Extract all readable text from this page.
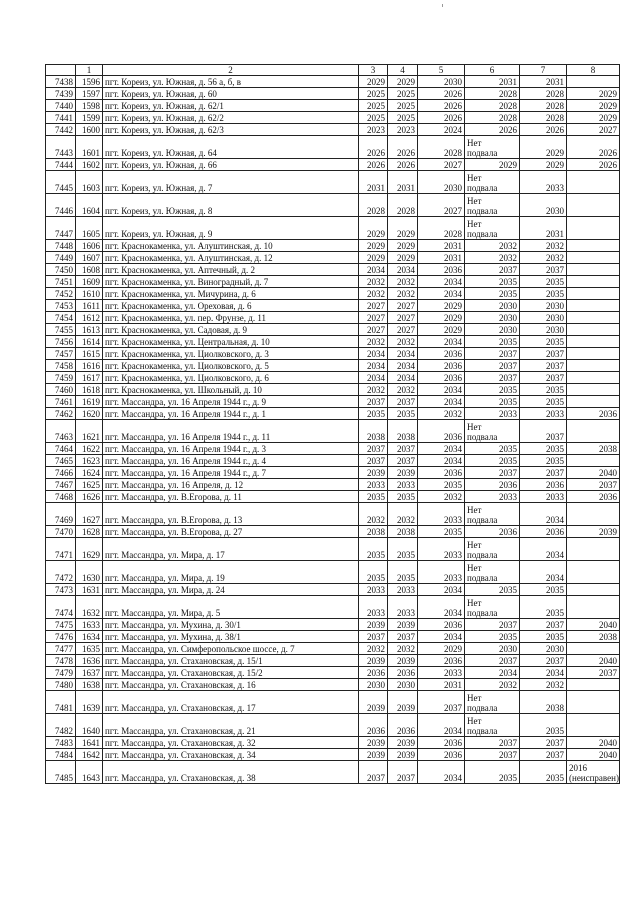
	1	2	3	4	5	6	7	8
7438	1596	пгт. Кореиз, ул. Южная, д. 56 а, б, в	2029	2029	2030	2031	2031	
7439	1597	пгт. Кореиз, ул. Южная, д. 60	2025	2025	2026	2028	2028	2029
7440	1598	пгт. Кореиз, ул. Южная, д. 62/1	2025	2025	2026	2028	2028	2029
7441	1599	пгт. Кореиз, ул. Южная, д. 62/2	2025	2025	2026	2028	2028	2029
7442	1600	пгт. Кореиз, ул. Южная, д. 62/3	2023	2023	2024	2026	2026	2027
7443	1601	пгт. Кореиз, ул. Южная, д. 64	2026	2026	2028	Нет
подвала	2029	2026
7444	1602	пгт. Кореиз, ул. Южная, д. 66	2026	2026	2027	2029	2029	2026
7445	1603	пгт. Кореиз, ул. Южная, д. 7	2031	2031	2030	Нет
подвала	2033	
7446	1604	пгт. Кореиз, ул. Южная, д. 8	2028	2028	2027	Нет
подвала	2030	
7447	1605	пгт. Кореиз, ул. Южная, д. 9	2029	2029	2028	Нет
подвала	2031	
7448	1606	пгт. Краснокаменка, ул. Алуштинская, д. 10	2029	2029	2031	2032	2032	
7449	1607	пгт. Краснокаменка, ул. Алуштинская, д. 12	2029	2029	2031	2032	2032	
7450	1608	пгт. Краснокаменка, ул. Аптечный, д. 2	2034	2034	2036	2037	2037	
7451	1609	пгт. Краснокаменка, ул. Виноградный, д. 7	2032	2032	2034	2035	2035	
7452	1610	пгт. Краснокаменка, ул. Мичурина, д. 6	2032	2032	2034	2035	2035	
7453	1611	пгт. Краснокаменка, ул. Ореховая, д. 6	2027	2027	2029	2030	2030	
7454	1612	пгт. Краснокаменка, ул. пер. Фрунзе, д. 11	2027	2027	2029	2030	2030	
7455	1613	пгт. Краснокаменка, ул. Садовая, д. 9	2027	2027	2029	2030	2030	
7456	1614	пгт. Краснокаменка, ул. Центральная, д. 10	2032	2032	2034	2035	2035	
7457	1615	пгт. Краснокаменка, ул. Циолковского, д. 3	2034	2034	2036	2037	2037	
7458	1616	пгт. Краснокаменка, ул. Циолковского, д. 5	2034	2034	2036	2037	2037	
7459	1617	пгт. Краснокаменка, ул. Циолковского, д. 6	2034	2034	2036	2037	2037	
7460	1618	пгт. Краснокаменка, ул. Школьный, д. 10	2032	2032	2034	2035	2035	
7461	1619	пгт. Массандра, ул. 16 Апреля 1944 г., д. 9	2037	2037	2034	2035	2035	
7462	1620	пгт. Массандра, ул. 16 Апреля 1944 г., д. 1	2035	2035	2032	2033	2033	2036
7463	1621	пгт. Массандра, ул. 16 Апреля 1944 г., д. 11	2038	2038	2036	Нет
подвала	2037	
7464	1622	пгт. Массандра, ул. 16 Апреля 1944 г., д. 3	2037	2037	2034	2035	2035	2038
7465	1623	пгт. Массандра, ул. 16 Апреля 1944 г., д. 4	2037	2037	2034	2035	2035	
7466	1624	пгт. Массандра, ул. 16 Апреля 1944 г., д. 7	2039	2039	2036	2037	2037	2040
7467	1625	пгт. Массандра, ул. 16 Апреля, д. 12	2033	2033	2035	2036	2036	2037
7468	1626	пгт. Массандра, ул. В.Егорова, д. 11	2035	2035	2032	2033	2033	2036
7469	1627	пгт. Массандра, ул. В.Егорова, д. 13	2032	2032	2033	Нет
подвала	2034	
7470	1628	пгт. Массандра, ул. В.Егорова, д. 27	2038	2038	2035	2036	2036	2039
7471	1629	пгт. Массандра, ул. Мира, д. 17	2035	2035	2033	Нет
подвала	2034	
7472	1630	пгт. Массандра, ул. Мира, д. 19	2035	2035	2033	Нет
подвала	2034	
7473	1631	пгт. Массандра, ул. Мира, д. 24	2033	2033	2034	2035	2035	
7474	1632	пгт. Массандра, ул. Мира, д. 5	2033	2033	2034	Нет
подвала	2035	
7475	1633	пгт. Массандра, ул. Мухина, д. 30/1	2039	2039	2036	2037	2037	2040
7476	1634	пгт. Массандра, ул. Мухина, д. 38/1	2037	2037	2034	2035	2035	2038
7477	1635	пгт. Массандра, ул. Симферопольское шоссе, д. 7	2032	2032	2029	2030	2030	
7478	1636	пгт. Массандра, ул. Стахановская, д. 15/1	2039	2039	2036	2037	2037	2040
7479	1637	пгт. Массандра, ул. Стахановская, д. 15/2	2036	2036	2033	2034	2034	2037
7480	1638	пгт. Массандра, ул. Стахановская, д. 16	2030	2030	2031	2032	2032	
7481	1639	пгт. Массандра, ул. Стахановская, д. 17	2039	2039	2037	Нет
подвала	2038	
7482	1640	пгт. Массандра, ул. Стахановская, д. 21	2036	2036	2034	Нет
подвала	2035	
7483	1641	пгт. Массандра, ул. Стахановская, д. 32	2039	2039	2036	2037	2037	2040
7484	1642	пгт. Массандра, ул. Стахановская, д. 34	2039	2039	2036	2037	2037	2040
7485	1643	пгт. Массандра, ул. Стахановская, д. 38	2037	2037	2034	2035	2035	2016
(неисправен)
